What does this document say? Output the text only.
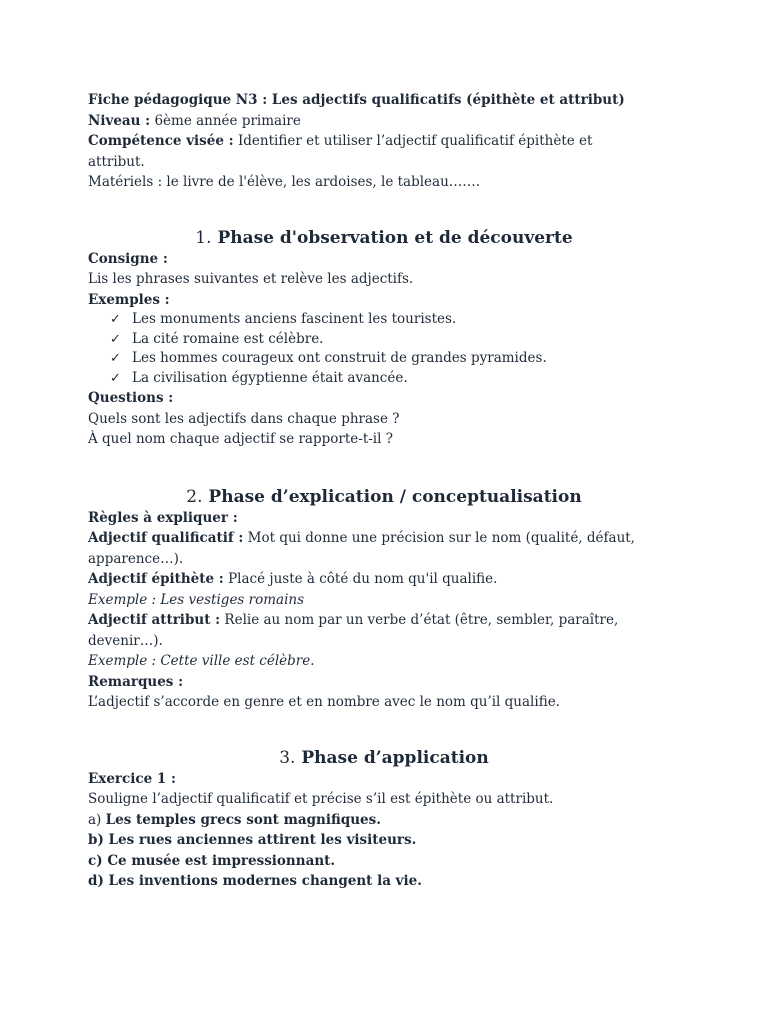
Fiche pédagogique N3 : Les adjectifs qualificatifs (épithète et attribut)

Niveau : 6ème année primaire

Compétence visée : Identifier et utiliser l’adjectif qualificatif épithète et

attribut.

Matériels : le livre de l'élève, les ardoises, le tableau…….

1. Phase d'observation et de découverte

Consigne :

Lis les phrases suivantes et relève les adjectifs.

Exemples :

✓ Les monuments anciens fascinent les touristes.
✓ La cité romaine est célèbre.
✓ Les hommes courageux ont construit de grandes pyramides.
✓ La civilisation égyptienne était avancée.

Questions :

Quels sont les adjectifs dans chaque phrase ?

À quel nom chaque adjectif se rapporte-t-il ?

2. Phase d’explication / conceptualisation

Règles à expliquer :

Adjectif qualificatif : Mot qui donne une précision sur le nom (qualité, défaut,

apparence…).

Adjectif épithète : Placé juste à côté du nom qu'il qualifie.

Exemple : Les vestiges romains

Adjectif attribut : Relie au nom par un verbe d’état (être, sembler, paraître,

devenir…).

Exemple : Cette ville est célèbre.

Remarques :

L’adjectif s’accorde en genre et en nombre avec le nom qu’il qualifie.

3. Phase d’application

Exercice 1 :

Souligne l’adjectif qualificatif et précise s’il est épithète ou attribut.

a) Les temples grecs sont magnifiques.

b) Les rues anciennes attirent les visiteurs.

c) Ce musée est impressionnant.

d) Les inventions modernes changent la vie.
